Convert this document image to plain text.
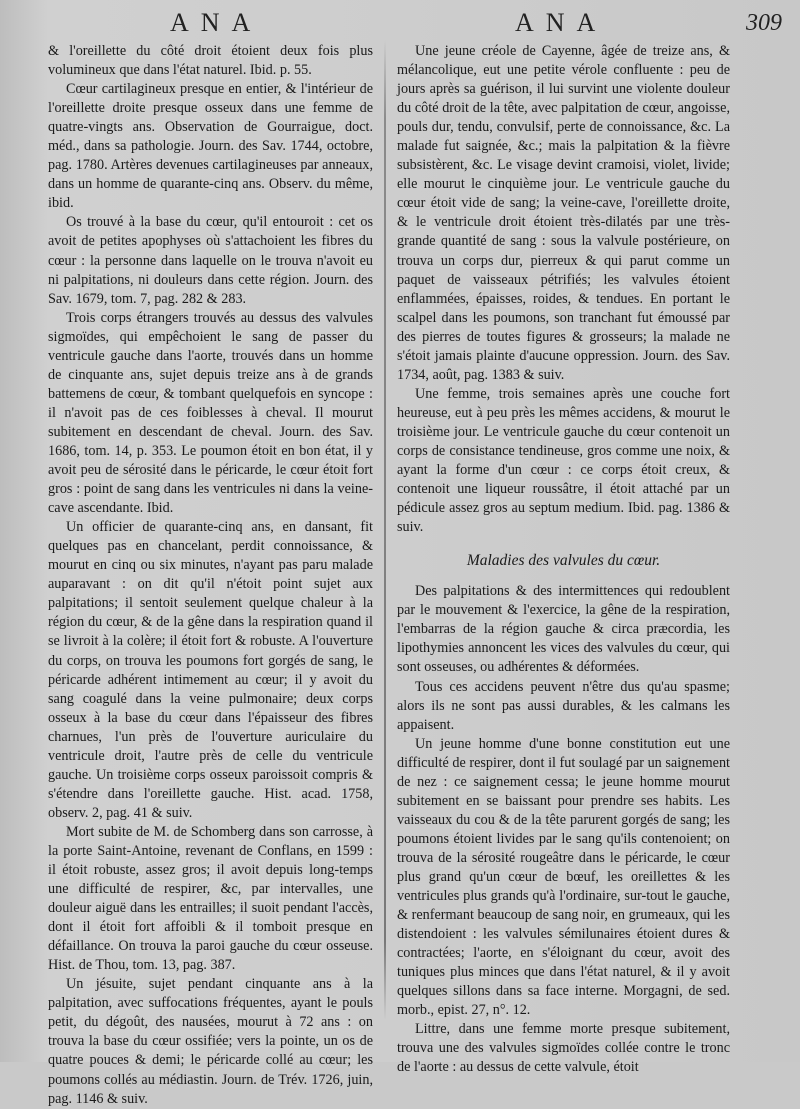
ANA	ANA	309

& l'oreillette du côté droit étoient deux fois plus volumineux que dans l'état naturel. Ibid. p. 55.

Cœur cartilagineux presque en entier, & l'intérieur de l'oreillette droite presque osseux dans une femme de quatre-vingts ans. Observation de Gourraigue, doct. méd., dans sa pathologie. Journ. des Sav. 1744, octobre, pag. 1780. Artères devenues cartilagineuses par anneaux, dans un homme de quarante-cinq ans. Observ. du même, ibid.

Os trouvé à la base du cœur, qu'il entouroit : cet os avoit de petites apophyses où s'attachoient les fibres du cœur : la personne dans laquelle on le trouva n'avoit eu ni palpitations, ni douleurs dans cette région. Journ. des Sav. 1679, tom. 7, pag. 282 & 283.

Trois corps étrangers trouvés au dessus des valvules sigmoïdes, qui empêchoient le sang de passer du ventricule gauche dans l'aorte, trouvés dans un homme de cinquante ans, sujet depuis treize ans à de grands battemens de cœur, & tombant quelquefois en syncope : il n'avoit pas de ces foiblesses à cheval. Il mourut subitement en descendant de cheval. Journ. des Sav. 1686, tom. 14, p. 353. Le poumon étoit en bon état, il y avoit peu de sérosité dans le péricarde, le cœur étoit fort gros : point de sang dans les ventricules ni dans la veine-cave ascendante. Ibid.

Un officier de quarante-cinq ans, en dansant, fit quelques pas en chancelant, perdit connoissance, & mourut en cinq ou six minutes, n'ayant pas paru malade auparavant : on dit qu'il n'étoit point sujet aux palpitations; il sentoit seulement quelque chaleur à la région du cœur, & de la gêne dans la respiration quand il se livroit à la colère; il étoit fort & robuste. A l'ouverture du corps, on trouva les poumons fort gorgés de sang, le péricarde adhérent intimement au cœur; il y avoit du sang coagulé dans la veine pulmonaire; deux corps osseux à la base du cœur dans l'épaisseur des fibres charnues, l'un près de l'ouverture auriculaire du ventricule droit, l'autre près de celle du ventricule gauche. Un troisième corps osseux paroissoit compris & s'étendre dans l'oreillette gauche. Hist. acad. 1758, observ. 2, pag. 41 & suiv.

Mort subite de M. de Schomberg dans son carrosse, à la porte Saint-Antoine, revenant de Conflans, en 1599 : il étoit robuste, assez gros; il avoit depuis long-temps une difficulté de respirer, &c, par intervalles, une douleur aiguë dans les entrailles; il suoit pendant l'accès, dont il étoit fort affoibli & il tomboit presque en défaillance. On trouva la paroi gauche du cœur osseuse. Hist. de Thou, tom. 13, pag. 387.

Un jésuite, sujet pendant cinquante ans à la palpitation, avec suffocations fréquentes, ayant le pouls petit, du dégoût, des nausées, mourut à 72 ans : on trouva la base du cœur ossifiée; vers la pointe, un os de quatre pouces & demi; le péricarde collé au cœur; les poumons collés au médiastin. Journ. de Trév. 1726, juin, pag. 1146 & suiv.

Une jeune créole de Cayenne, âgée de treize ans, & mélancolique, eut une petite vérole confluente : peu de jours après sa guérison, il lui survint une violente douleur du côté droit de la tête, avec palpitation de cœur, angoisse, pouls dur, tendu, convulsif, perte de connoissance, &c. La malade fut saignée, &c.; mais la palpitation & la fièvre subsistèrent, &c. Le visage devint cramoisi, violet, livide; elle mourut le cinquième jour. Le ventricule gauche du cœur étoit vide de sang; la veine-cave, l'oreillette droite, & le ventricule droit étoient très-dilatés par une très-grande quantité de sang : sous la valvule postérieure, on trouva un corps dur, pierreux & qui parut comme un paquet de vaisseaux pétrifiés; les valvules étoient enflammées, épaisses, roides, & tendues. En portant le scalpel dans les poumons, son tranchant fut émoussé par des pierres de toutes figures & grosseurs; la malade ne s'étoit jamais plainte d'aucune oppression. Journ. des Sav. 1734, août, pag. 1383 & suiv.

Une femme, trois semaines après une couche fort heureuse, eut à peu près les mêmes accidens, & mourut le troisième jour. Le ventricule gauche du cœur contenoit un corps de consistance tendineuse, gros comme une noix, & ayant la forme d'un cœur : ce corps étoit creux, & contenoit une liqueur roussâtre, il étoit attaché par un pédicule assez gros au septum medium. Ibid. pag. 1386 & suiv.

Maladies des valvules du cœur.

Des palpitations & des intermittences qui redoublent par le mouvement & l'exercice, la gêne de la respiration, l'embarras de la région gauche & circa præcordia, les lipothymies annoncent les vices des valvules du cœur, qui sont osseuses, ou adhérentes & déformées.

Tous ces accidens peuvent n'être dus qu'au spasme; alors ils ne sont pas aussi durables, & les calmans les appaisent.

Un jeune homme d'une bonne constitution eut une difficulté de respirer, dont il fut soulagé par un saignement de nez : ce saignement cessa; le jeune homme mourut subitement en se baissant pour prendre ses habits. Les vaisseaux du cou & de la tête parurent gorgés de sang; les poumons étoient livides par le sang qu'ils contenoient; on trouva de la sérosité rougeâtre dans le péricarde, le cœur plus grand qu'un cœur de bœuf, les oreillettes & les ventricules plus grands qu'à l'ordinaire, sur-tout le gauche, & renfermant beaucoup de sang noir, en grumeaux, qui les distendoient : les valvules sémilunaires étoient dures & contractées; l'aorte, en s'éloignant du cœur, avoit des tuniques plus minces que dans l'état naturel, & il y avoit quelques sillons dans sa face interne. Morgagni, de sed. morb., epist. 27, n°. 12.

Littre, dans une femme morte presque subitement, trouva une des valvules sigmoïdes collée contre le tronc de l'aorte : au dessus de cette valvule, étoit
